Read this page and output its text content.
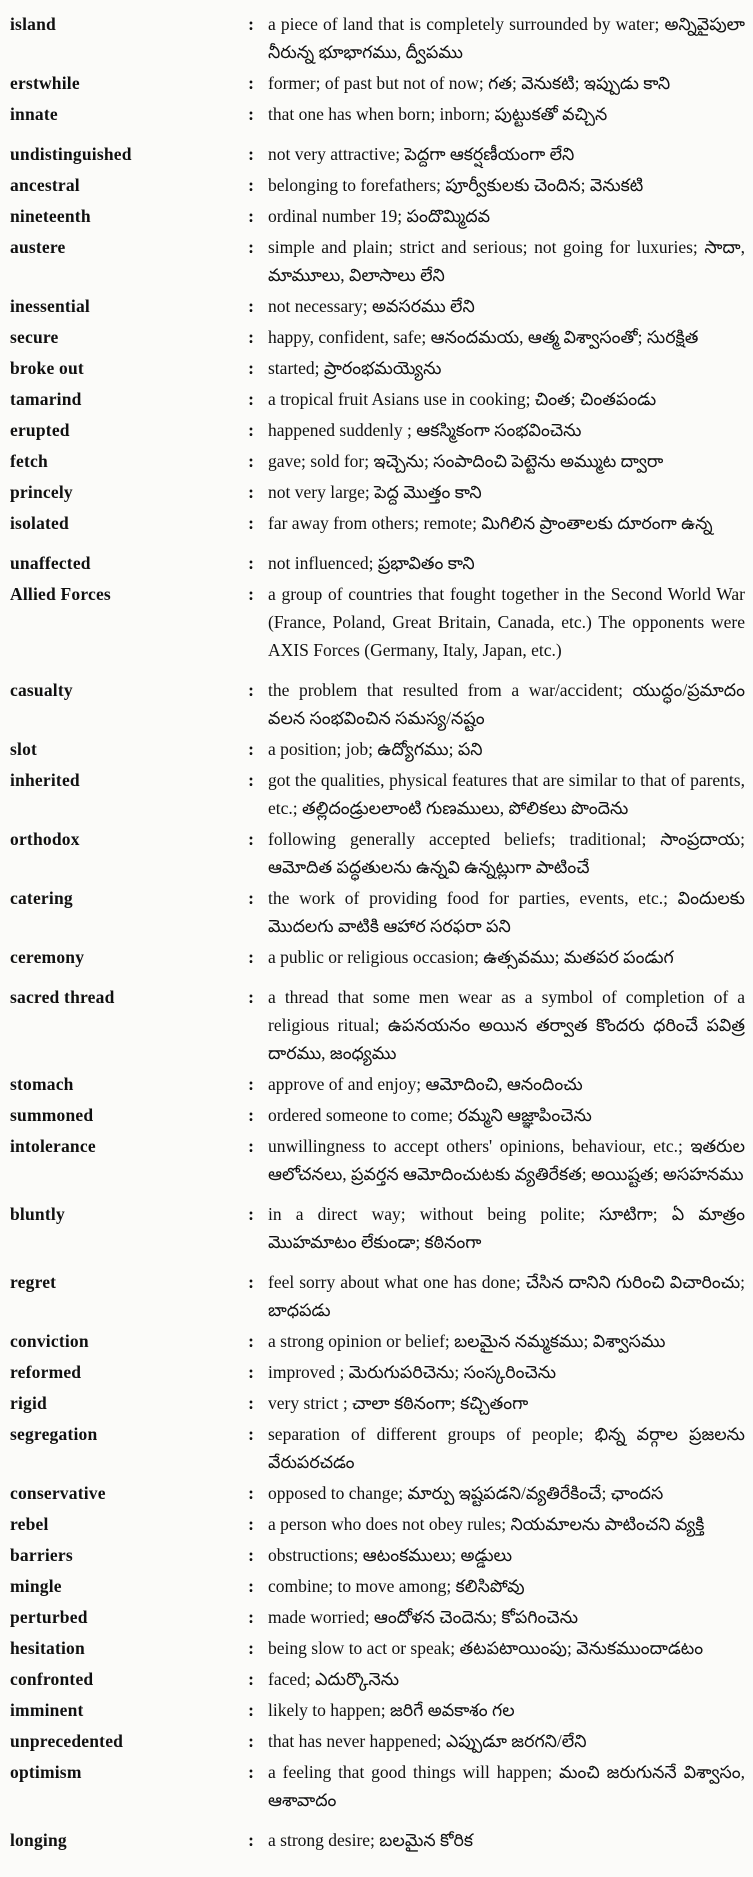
island	: a piece of land that is completely surrounded by water; అన్నివైపులా నీరున్న భూభాగము, ద్వీపము
erstwhile	: former; of past but not of now; గత; వెనుకటి; ఇప్పుడు కాని
innate	: that one has when born; inborn; పుట్టుకతో వచ్చిన
undistinguished	: not very attractive; పెద్దగా ఆకర్షణీయంగా లేని
ancestral	: belonging to forefathers; పూర్వీకులకు చెందిన; వెనుకటి
nineteenth	: ordinal number 19; పందొమ్మిదవ
austere	: simple and plain; strict and serious; not going for luxuries; సాదా, మామూలు, విలాసాలు లేని
inessential	: not necessary; అవసరము లేని
secure	: happy, confident, safe; ఆనందమయ, ఆత్మ విశ్వాసంతో; సురక్షిత
broke out	: started; ప్రారంభమయ్యెను
tamarind	: a tropical fruit Asians use in cooking; చింత; చింతపండు
erupted	: happened suddenly ; ఆకస్మికంగా సంభవించెను
fetch	: gave; sold for; ఇచ్చెను; సంపాదించి పెట్టెను అమ్ముట ద్వారా
princely	: not very large; పెద్ద మొత్తం కాని
isolated	: far away from others; remote; మిగిలిన ప్రాంతాలకు దూరంగా ఉన్న
unaffected	: not influenced; ప్రభావితం కాని
Allied Forces	: a group of countries that fought together in the Second World War (France, Poland, Great Britain, Canada, etc.) The opponents were AXIS Forces (Germany, Italy, Japan, etc.)
casualty	: the problem that resulted from a war/accident; యుద్ధం/ప్రమాదం వలన సంభవించిన సమస్య/నష్టం
slot	: a position; job; ఉద్యోగము; పని
inherited	: got the qualities, physical features that are similar to that of parents, etc.; తల్లిదండ్రులలాంటి గుణములు, పోలికలు పొందెను
orthodox	: following generally accepted beliefs; traditional; సాంప్రదాయ; ఆమోదిత పద్ధతులను ఉన్నవి ఉన్నట్లుగా పాటించే
catering	: the work of providing food for parties, events, etc.; విందులకు మొదలగు వాటికి ఆహార సరఫరా పని
ceremony	: a public or religious occasion; ఉత్సవము; మతపర పండుగ
sacred thread	: a thread that some men wear as a symbol of completion of a religious ritual; ఉపనయనం అయిన తర్వాత కొందరు ధరించే పవిత్ర దారము, జంధ్యము
stomach	: approve of and enjoy; ఆమోదించి, ఆనందించు
summoned	: ordered someone to come; రమ్మని ఆజ్ఞాపించెను
intolerance	: unwillingness to accept others' opinions, behaviour, etc.; ఇతరుల ఆలోచనలు, ప్రవర్తన ఆమోదించుటకు వ్యతిరేకత; అయిష్టత; అసహనము
bluntly	: in a direct way; without being polite; సూటిగా; ఏ మాత్రం మొహమాటం లేకుండా; కఠినంగా
regret	: feel sorry about what one has done; చేసిన దానిని గురించి విచారించు; బాధపడు
conviction	: a strong opinion or belief; బలమైన నమ్మకము; విశ్వాసము
reformed	: improved ; మెరుగుపరిచెను; సంస్కరించెను
rigid	: very strict ; చాలా కఠినంగా; కచ్చితంగా
segregation	: separation of different groups of people; భిన్న వర్గాల ప్రజలను వేరుపరచడం
conservative	: opposed to change; మార్పు ఇష్టపడని/వ్యతిరేకించే; ఛాందస
rebel	: a person who does not obey rules; నియమాలను పాటించని వ్యక్తి
barriers	: obstructions; ఆటంకములు; అడ్డులు
mingle	: combine; to move among; కలిసిపోవు
perturbed	: made worried; ఆందోళన చెందెను; కోపగించెను
hesitation	: being slow to act or speak; తటపటాయింపు; వెనుకముందాడటం
confronted	: faced; ఎదుర్కొనెను
imminent	: likely to happen; జరిగే అవకాశం గల
unprecedented	: that has never happened; ఎప్పుడూ జరగని/లేని
optimism	: a feeling that good things will happen; మంచి జరుగుననే విశ్వాసం, ఆశావాదం
longing	: a strong desire; బలమైన కోరిక
